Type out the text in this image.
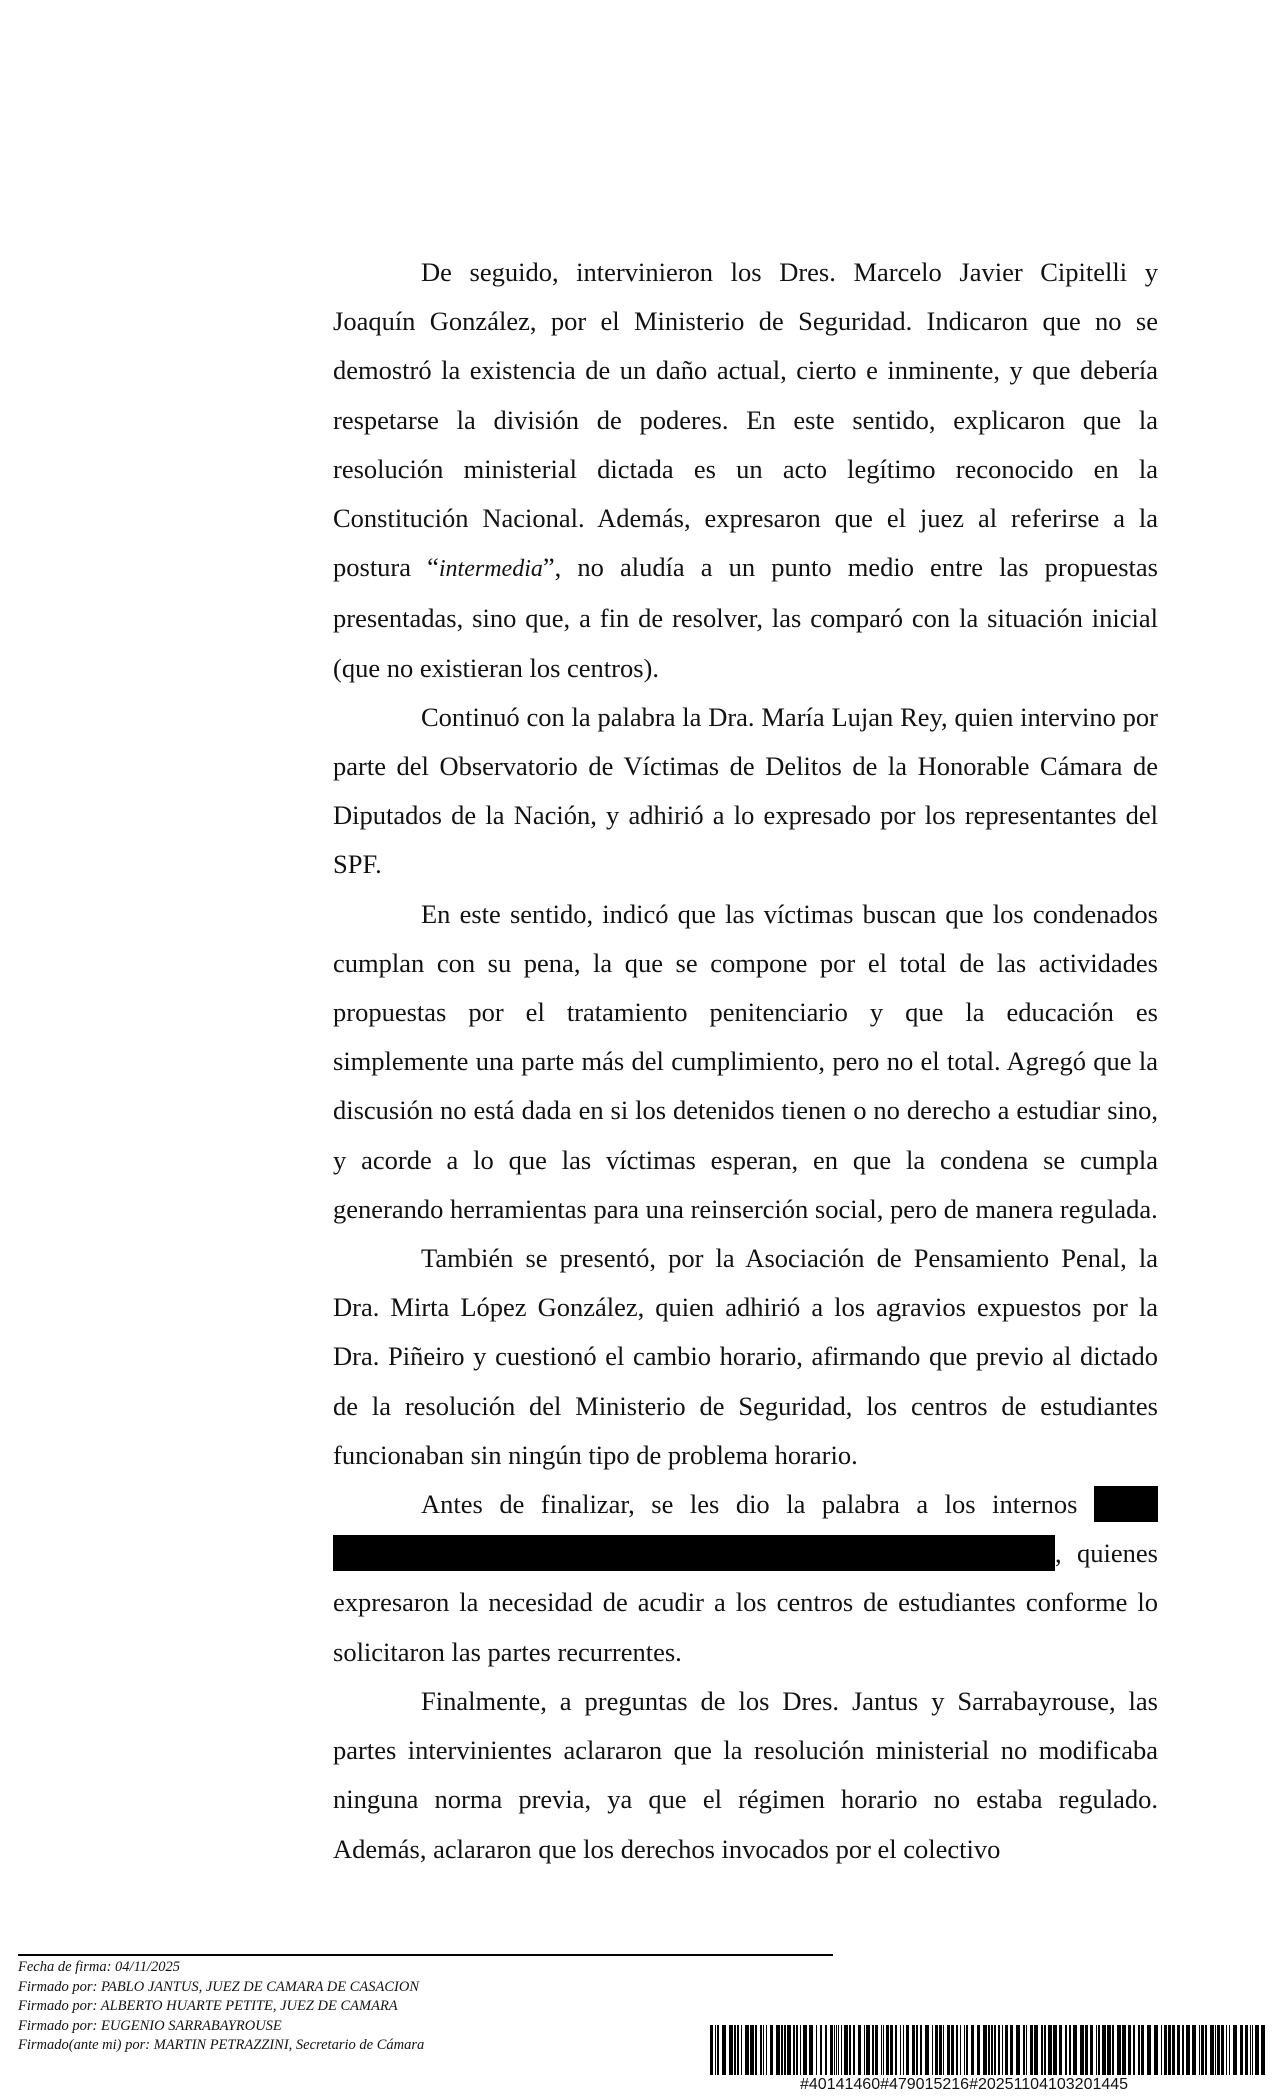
De seguido, intervinieron los Dres. Marcelo Javier Cipitelli y Joaquín González, por el Ministerio de Seguridad. Indicaron que no se demostró la existencia de un daño actual, cierto e inminente, y que debería respetarse la división de poderes. En este sentido, explicaron que la resolución ministerial dictada es un acto legítimo reconocido en la Constitución Nacional. Además, expresaron que el juez al referirse a la postura “intermedia”, no aludía a un punto medio entre las propuestas presentadas, sino que, a fin de resolver, las comparó con la situación inicial (que no existieran los centros).

Continuó con la palabra la Dra. María Lujan Rey, quien intervino por parte del Observatorio de Víctimas de Delitos de la Honorable Cámara de Diputados de la Nación, y adhirió a lo expresado por los representantes del SPF.

En este sentido, indicó que las víctimas buscan que los condenados cumplan con su pena, la que se compone por el total de las actividades propuestas por el tratamiento penitenciario y que la educación es simplemente una parte más del cumplimiento, pero no el total. Agregó que la discusión no está dada en si los detenidos tienen o no derecho a estudiar sino, y acorde a lo que las víctimas esperan, en que la condena se cumpla generando herramientas para una reinserción social, pero de manera regulada.

También se presentó, por la Asociación de Pensamiento Penal, la Dra. Mirta López González, quien adhirió a los agravios expuestos por la Dra. Piñeiro y cuestionó el cambio horario, afirmando que previo al dictado de la resolución del Ministerio de Seguridad, los centros de estudiantes funcionaban sin ningún tipo de problema horario.

Antes de finalizar, se les dio la palabra a los internos  , quienes expresaron la necesidad de acudir a los centros de estudiantes conforme lo solicitaron las partes recurrentes.

Finalmente, a preguntas de los Dres. Jantus y Sarrabayrouse, las partes intervinientes aclararon que la resolución ministerial no modificaba ninguna norma previa, ya que el régimen horario no estaba regulado. Además, aclararon que los derechos invocados por el colectivo

Fecha de firma: 04/11/2025
Firmado por: PABLO JANTUS, JUEZ DE CAMARA DE CASACION
Firmado por: ALBERTO HUARTE PETITE, JUEZ DE CAMARA
Firmado por: EUGENIO SARRABAYROUSE
Firmado(ante mi) por: MARTIN PETRAZZINI, Secretario de Cámara
#40141460#479015216#20251104103201445
